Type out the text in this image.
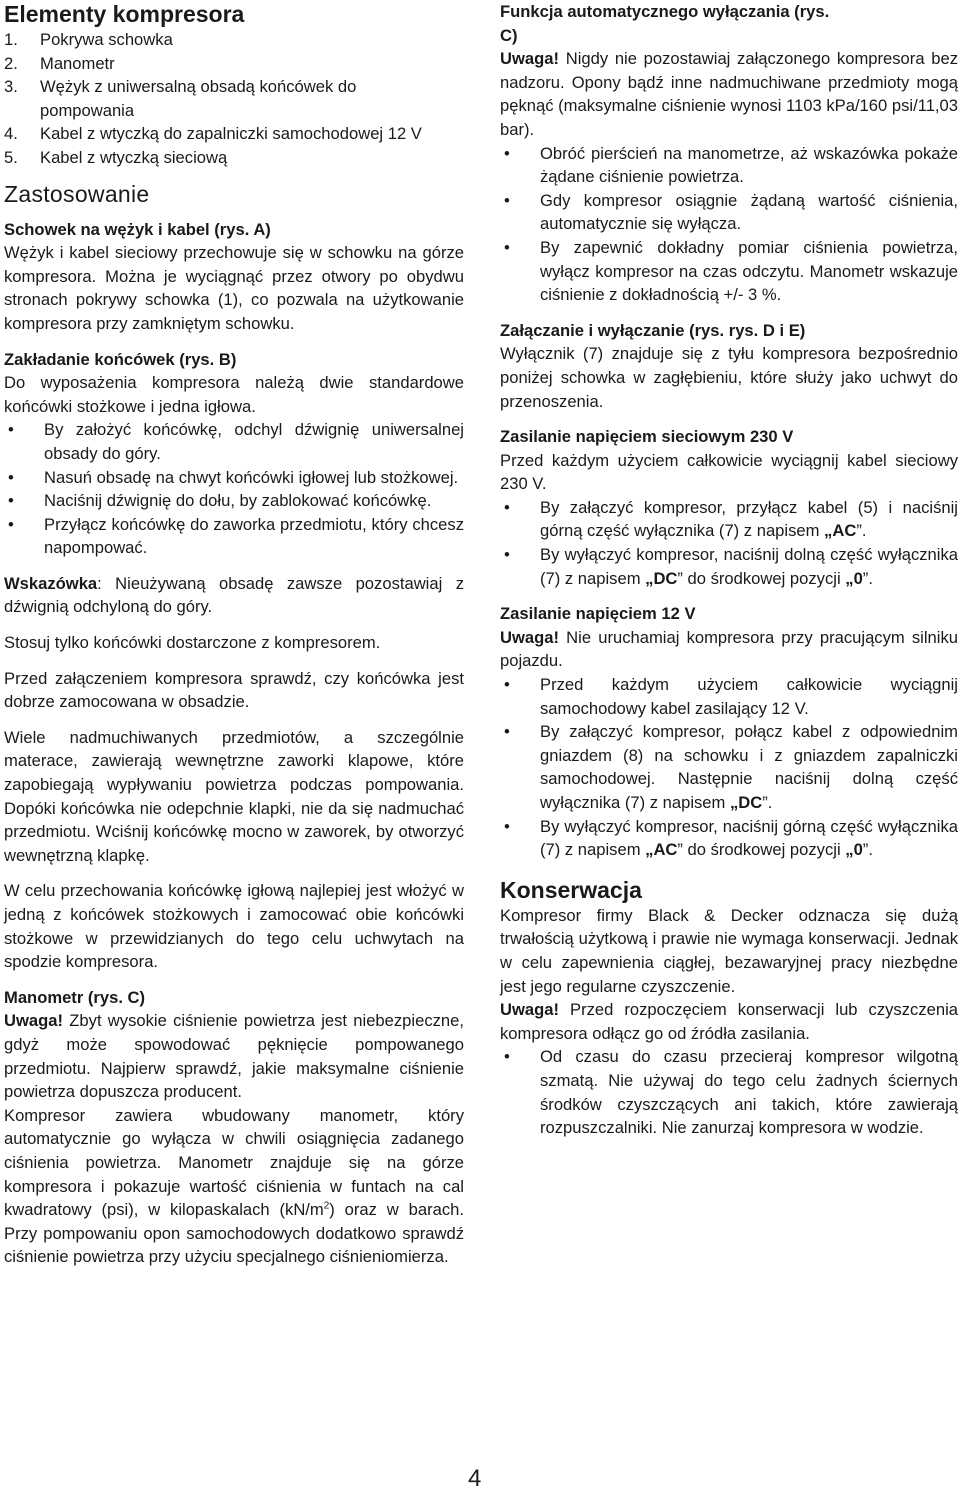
Elementy kompresora
1.	Pokrywa schowka
2.	Manometr
3.	Wężyk z uniwersalną obsadą końcówek do pompowania
4.	Kabel z wtyczką do zapalniczki samochodowej 12 V
5.	Kabel z wtyczką sieciową
Zastosowanie
Schowek na wężyk i kabel (rys. A)

Wężyk i kabel sieciowy przechowuje się w schowku na górze kompresora. Można je wyciągnąć przez otwory po obydwu stronach pokrywy schowka (1), co pozwala na użytkowanie kompresora przy zamkniętym schowku.

Zakładanie końcówek (rys. B)

Do wyposażenia kompresora należą dwie standardowe końcówki stożkowe i jedna igłowa.

•	By założyć końcówkę, odchyl dźwignię uniwersalnej obsady do góry.
•	Nasuń obsadę na chwyt końcówki igłowej lub stożkowej.
•	Naciśnij dźwignię do dołu, by zablokować końcówkę.
•	Przyłącz końcówkę do zaworka przedmiotu, który chcesz napompować.

Wskazówka: Nieużywaną obsadę zawsze pozostawiaj z dźwignią odchyloną do góry.

Stosuj tylko końcówki dostarczone z kompresorem.

Przed załączeniem kompresora sprawdź, czy końcówka jest dobrze zamocowana w obsadzie.

Wiele nadmuchiwanych przedmiotów, a szczególnie materace, zawierają wewnętrzne zaworki klapowe, które zapobiegają wypływaniu powietrza podczas pompowania. Dopóki końcówka nie odepchnie klapki, nie da się nadmuchać przedmiotu. Wciśnij końcówkę mocno w zaworek, by otworzyć wewnętrzną klapkę.

W celu przechowania końcówkę igłową najlepiej jest włożyć w jedną z końcówek stożkowych i zamocować obie końcówki stożkowe w przewidzianych do tego celu uchwytach na spodzie kompresora.

Manometr (rys. C)

Uwaga! Zbyt wysokie ciśnienie powietrza jest niebezpieczne, gdyż może spowodować pęknięcie pompowanego przedmiotu. Najpierw sprawdź, jakie maksymalne ciśnienie powietrza dopuszcza producent.

Kompresor zawiera wbudowany manometr, który automatycznie go wyłącza w chwili osiągnięcia zadanego ciśnienia powietrza. Manometr znajduje się na górze kompresora i pokazuje wartość ciśnienia w funtach na cal kwadratowy (psi), w kilopaskalach $(kN/m^2)$ oraz w barach. Przy pompowaniu opon samochodowych dodatkowo sprawdź ciśnienie powietrza przy użyciu specjalnego ciśnieniomierza.

Funkcja automatycznego wyłączania (rys. C)

Uwaga! Nigdy nie pozostawiaj załączonego kompresora bez nadzoru. Opony bądź inne nadmuchiwane przedmioty mogą pęknąć (maksymalne ciśnienie wynosi 1103 kPa/160 psi/11,03 bar).

•	Obróć pierścień na manometrze, aż wskazówka pokaże żądane ciśnienie powietrza.
•	Gdy kompresor osiągnie żądaną wartość ciśnienia, automatycznie się wyłącza.
•	By zapewnić dokładny pomiar ciśnienia powietrza, wyłącz kompresor na czas odczytu. Manometr wskazuje ciśnienie z dokładnością +/- 3 %.
Załączanie i wyłączanie (rys. rys. D i E)

Wyłącznik (7) znajduje się z tyłu kompresora bezpośrednio poniżej schowka w zagłębieniu, które służy jako uchwyt do przenoszenia.

Zasilanie napięciem sieciowym 230 V

Przed każdym użyciem całkowicie wyciągnij kabel sieciowy 230 V.

•	By załączyć kompresor, przyłącz kabel (5) i naciśnij górną część wyłącznika (7) z napisem „AC”.
•	By wyłączyć kompresor, naciśnij dolną część wyłącznika (7) z napisem „DC” do środkowej pozycji „0”.
Zasilanie napięciem 12 V

Uwaga! Nie uruchamiaj kompresora przy pracującym silniku pojazdu.

•	Przed każdym użyciem całkowicie wyciągnij samochodowy kabel zasilający 12 V.
•	By załączyć kompresor, połącz kabel z odpowiednim gniazdem (8) na schowku i z gniazdem zapalniczki samochodowej. Następnie naciśnij dolną część wyłącznika (7) z napisem „DC”.
•	By wyłączyć kompresor, naciśnij górną część wyłącznika (7) z napisem „AC” do środkowej pozycji „0”.
Konserwacja

Kompresor firmy Black & Decker odznacza się dużą trwałością użytkową i prawie nie wymaga konserwacji. Jednak w celu zapewnienia ciągłej, bezawaryjnej pracy niezbędne jest jego regularne czyszczenie.

Uwaga! Przed rozpoczęciem konserwacji lub czyszczenia kompresora odłącz go od źródła zasilania.

•	Od czasu do czasu przecieraj kompresor wilgotną szmatą. Nie używaj do tego celu żadnych ściernych środków czyszczących ani takich, które zawierają rozpuszczalniki. Nie zanurzaj kompresora w wodzie.
4
